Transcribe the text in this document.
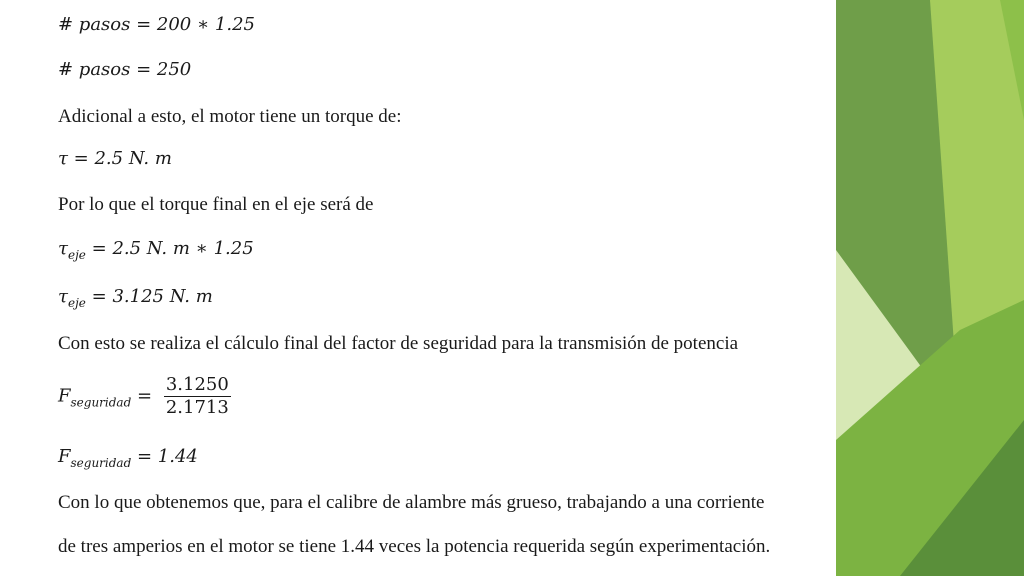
# pasos = 200 ∗ 1.25
# pasos = 250
Adicional a esto, el motor tiene un torque de:
τ = 2.5 N. m
Por lo que el torque final en el eje será de
$\tau_{eje} = 2.5$ N. m ∗ 1.25
$\tau_{eje} = 3.125$ N. m
Con esto se realiza el cálculo final del factor de seguridad para la transmisión de potencia
$F_{seguridad} = \frac{3.1250}{2.1713}$
$F_{seguridad} = 1.44$
Con lo que obtenemos que, para el calibre de alambre más grueso, trabajando a una corriente
de tres amperios en el motor se tiene 1.44 veces la potencia requerida según experimentación.
